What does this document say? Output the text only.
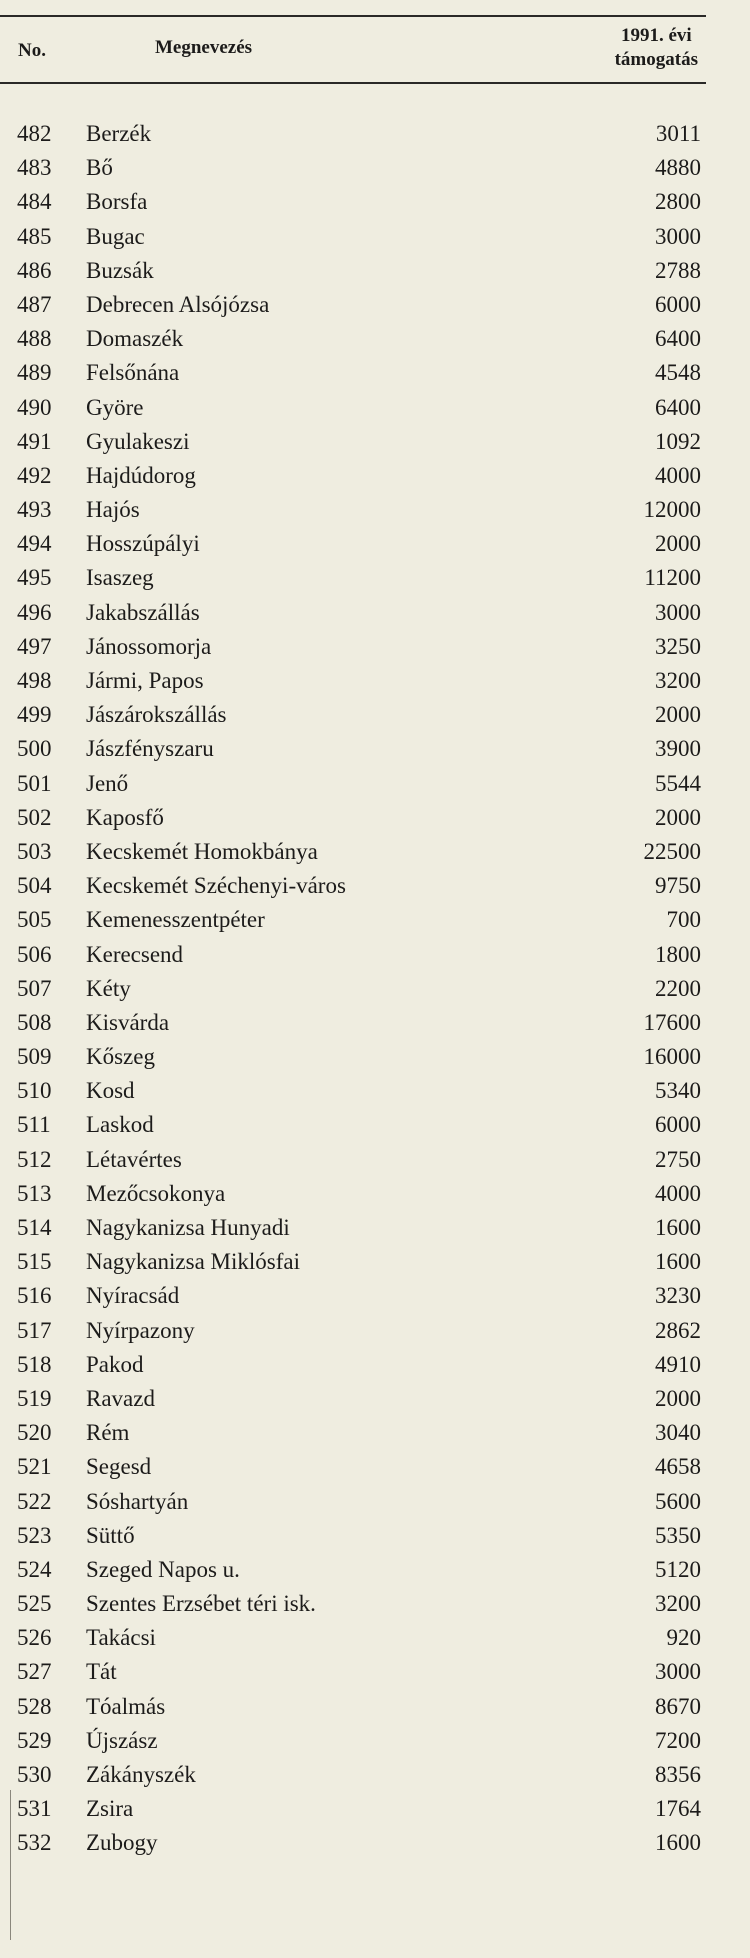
No.	Megnevezés
1991. évi
támogatás
482 Berzék	3011
483 Bő	4880
484 Borsfa	2800
485 Bugac	3000
486 Buzsák	2788
487 Debrecen Alsójózsa	6000
488 Domaszék	6400
489 Felsőnána	4548
490 Györe	6400
491 Gyulakeszi	1092
492 Hajdúdorog	4000
493 Hajós	12000
494 Hosszúpályi	2000
495 Isaszeg	11200
496 Jakabszállás	3000
497 Jánossomorja	3250
498 Jármi, Papos	3200
499 Jászárokszállás	2000
500 Jászfényszaru	3900
501 Jenő	5544
502 Kaposfő	2000
503 Kecskemét Homokbánya	22500
504 Kecskemét Széchenyi-város	9750
505 Kemenesszentpéter	700
506 Kerecsend	1800
507 Kéty	2200
508 Kisvárda	17600
509 Kőszeg	16000
510 Kosd	5340
511 Laskod	6000
512 Létavértes	2750
513 Mezőcsokonya	4000
514 Nagykanizsa Hunyadi	1600
515 Nagykanizsa Miklósfai	1600
516 Nyíracsád	3230
517 Nyírpazony	2862
518 Pakod	4910
519 Ravazd	2000
520 Rém	3040
521 Segesd	4658
522 Sóshartyán	5600
523 Süttő	5350
524 Szeged Napos u.	5120
525 Szentes Erzsébet téri isk.	3200
526 Takácsi	920
527 Tát	3000
528 Tóalmás	8670
529 Újszász	7200
530 Zákányszék	8356
531 Zsira	1764
532 Zubogy	1600
